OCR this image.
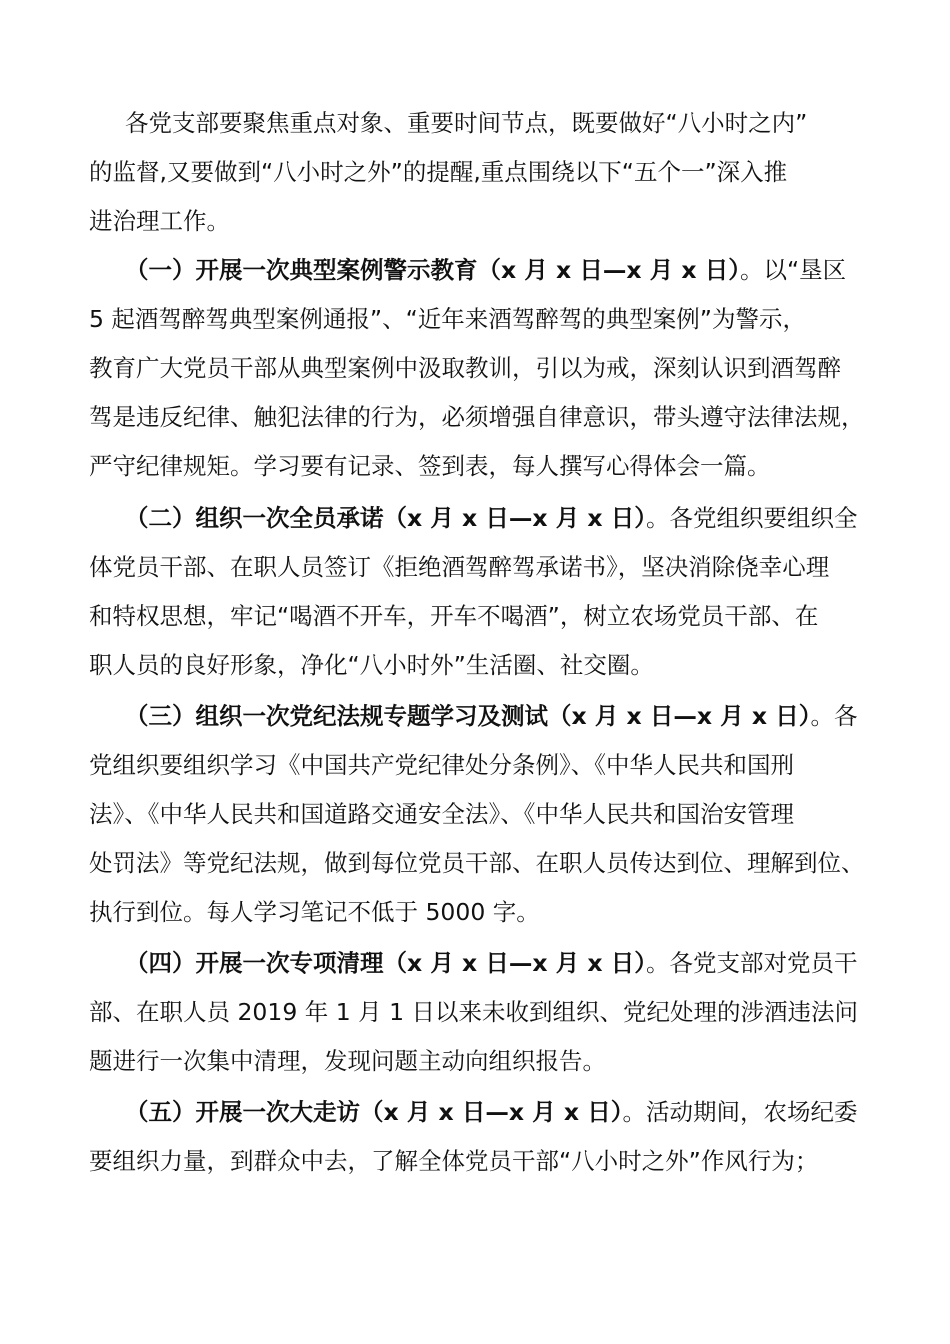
各党支部要聚焦重点对象、重要时间节点，既要做好“八小时之内”
的监督,又要做到“八小时之外”的提醒,重点围绕以下“五个一”深入推
进治理工作。
（一）开展一次典型案例警示教育（x 月 x 日—x 月 x 日）。以“垦区
5 起酒驾醉驾典型案例通报”、“近年来酒驾醉驾的典型案例”为警示，
教育广大党员干部从典型案例中汲取教训，引以为戒，深刻认识到酒驾醉
驾是违反纪律、触犯法律的行为，必须增强自律意识，带头遵守法律法规，
严守纪律规矩。学习要有记录、签到表，每人撰写心得体会一篇。
（二）组织一次全员承诺（x 月 x 日—x 月 x 日）。各党组织要组织全
体党员干部、在职人员签订《拒绝酒驾醉驾承诺书》，坚决消除侥幸心理
和特权思想，牢记“喝酒不开车，开车不喝酒”，树立农场党员干部、在
职人员的良好形象，净化“八小时外”生活圈、社交圈。
（三）组织一次党纪法规专题学习及测试（x 月 x 日—x 月 x 日）。各
党组织要组织学习《中国共产党纪律处分条例》、《中华人民共和国刑
法》、《中华人民共和国道路交通安全法》、《中华人民共和国治安管理
处罚法》等党纪法规，做到每位党员干部、在职人员传达到位、理解到位、
执行到位。每人学习笔记不低于 5000 字。
（四）开展一次专项清理（x 月 x 日—x 月 x 日）。各党支部对党员干
部、在职人员 2019 年 1 月 1 日以来未收到组织、党纪处理的涉酒违法问
题进行一次集中清理，发现问题主动向组织报告。
（五）开展一次大走访（x 月 x 日—x 月 x 日）。活动期间，农场纪委
要组织力量，到群众中去，了解全体党员干部“八小时之外”作风行为；
